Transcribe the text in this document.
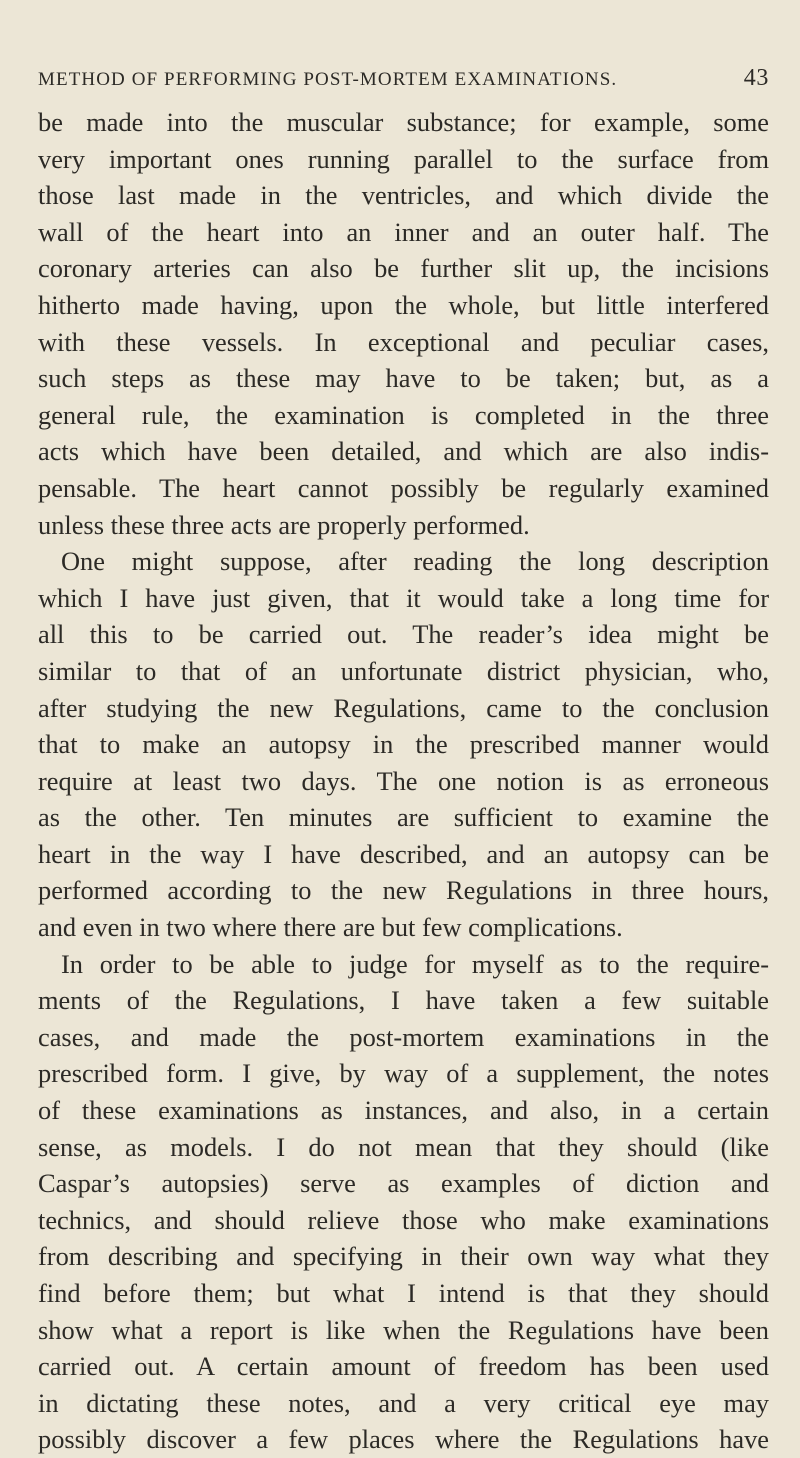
METHOD OF PERFORMING POST-MORTEM EXAMINATIONS.	43
be made into the muscular substance; for example, some
very important ones running parallel to the surface from
those last made in the ventricles, and which divide the
wall of the heart into an inner and an outer half. The
coronary arteries can also be further slit up, the incisions
hitherto made having, upon the whole, but little interfered
with these vessels. In exceptional and peculiar cases,
such steps as these may have to be taken; but, as a
general rule, the examination is completed in the three
acts which have been detailed, and which are also indis-
pensable. The heart cannot possibly be regularly examined
unless these three acts are properly performed.
One might suppose, after reading the long description
which I have just given, that it would take a long time for
all this to be carried out. The reader’s idea might be
similar to that of an unfortunate district physician, who,
after studying the new Regulations, came to the conclusion
that to make an autopsy in the prescribed manner would
require at least two days. The one notion is as erroneous
as the other. Ten minutes are sufficient to examine the
heart in the way I have described, and an autopsy can be
performed according to the new Regulations in three hours,
and even in two where there are but few complications.
In order to be able to judge for myself as to the require-
ments of the Regulations, I have taken a few suitable
cases, and made the post-mortem examinations in the
prescribed form. I give, by way of a supplement, the notes
of these examinations as instances, and also, in a certain
sense, as models. I do not mean that they should (like
Caspar’s autopsies) serve as examples of diction and
technics, and should relieve those who make examinations
from describing and specifying in their own way what they
find before them; but what I intend is that they should
show what a report is like when the Regulations have been
carried out. A certain amount of freedom has been used
in dictating these notes, and a very critical eye may
possibly discover a few places where the Regulations have
